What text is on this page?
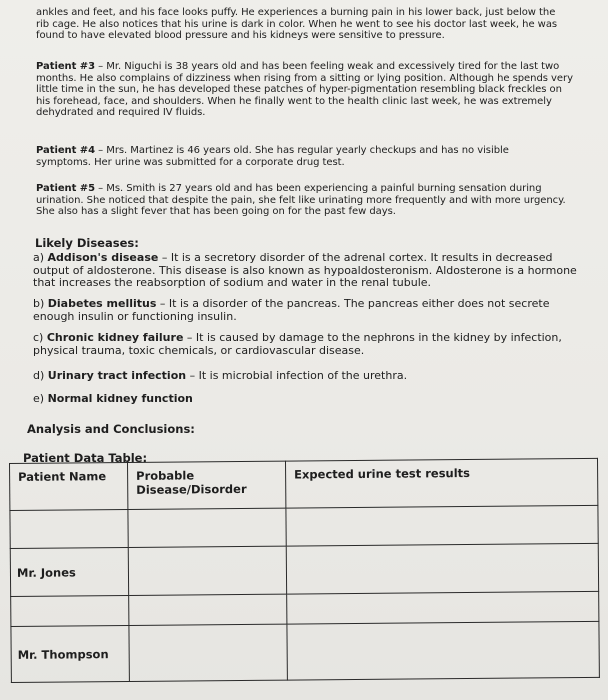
ankles and feet, and his face looks puffy. He experiences a burning pain in his lower back, just below the rib cage. He also notices that his urine is dark in color. When he went to see his doctor last week, he was found to have elevated blood pressure and his kidneys were sensitive to pressure.

Patient #3 – Mr. Niguchi is 38 years old and has been feeling weak and excessively tired for the last two months. He also complains of dizziness when rising from a sitting or lying position. Although he spends very little time in the sun, he has developed these patches of hyper-pigmentation resembling black freckles on his forehead, face, and shoulders. When he finally went to the health clinic last week, he was extremely dehydrated and required IV fluids.

Patient #4 – Mrs. Martinez is 46 years old. She has regular yearly checkups and has no visible symptoms. Her urine was submitted for a corporate drug test.

Patient #5 – Ms. Smith is 27 years old and has been experiencing a painful burning sensation during urination. She noticed that despite the pain, she felt like urinating more frequently and with more urgency. She also has a slight fever that has been going on for the past few days.

Likely Diseases:

a) Addison's disease – It is a secretory disorder of the adrenal cortex. It results in decreased output of aldosterone. This disease is also known as hypoaldosteronism. Aldosterone is a hormone that increases the reabsorption of sodium and water in the renal tubule.

b) Diabetes mellitus – It is a disorder of the pancreas. The pancreas either does not secrete enough insulin or functioning insulin.

c) Chronic kidney failure – It is caused by damage to the nephrons in the kidney by infection, physical trauma, toxic chemicals, or cardiovascular disease.

d) Urinary tract infection – It is microbial infection of the urethra.

e) Normal kidney function

Analysis and Conclusions:
Patient Data Table:
Patient Name	Probable Disease/Disorder	Expected urine test results

Mr. Jones		

Mr. Thompson		
